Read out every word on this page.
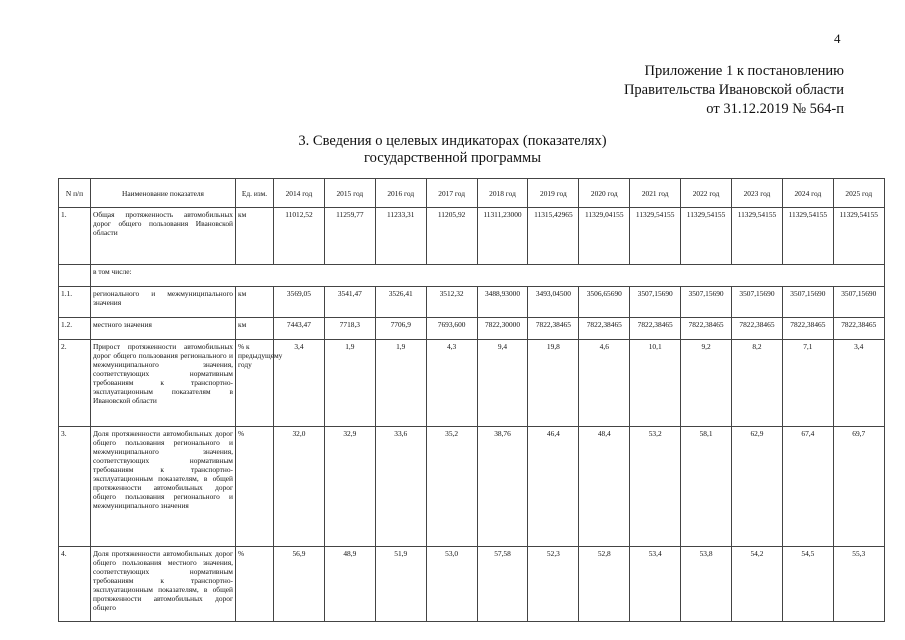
4
Приложение 1 к постановлению
Правительства Ивановской области
от 31.12.2019 № 564-п
3. Сведения о целевых индикаторах (показателях)
государственной программы
N п/п	Наименование показателя	Ед. изм.	2014 год	2015 год	2016 год	2017 год	2018 год	2019 год	2020 год	2021 год	2022 год	2023 год	2024 год	2025 год
1.	Общая протяженность автомобильных дорог общего пользования Ивановской области	км	11012,52	11259,77	11233,31	11205,92	11311,23000	11315,42965	11329,04155	11329,54155	11329,54155	11329,54155	11329,54155	11329,54155
	в том числе:													
1.1.	регионального и межмуниципального значения	км	3569,05	3541,47	3526,41	3512,32	3488,93000	3493,04500	3506,65690	3507,15690	3507,15690	3507,15690	3507,15690	3507,15690
1.2.	местного значения	км	7443,47	7718,3	7706,9	7693,600	7822,30000	7822,38465	7822,38465	7822,38465	7822,38465	7822,38465	7822,38465	7822,38465
2.	Прирост протяженности автомобильных дорог общего пользования регионального и межмуниципального значения, соответствующих нормативным требованиям к транспортно-эксплуатационным показателям в Ивановской области	% к предыдущему году	3,4	1,9	1,9	4,3	9,4	19,8	4,6	10,1	9,2	8,2	7,1	3,4
3.	Доля протяженности автомобильных дорог общего пользования регионального и межмуниципального значения, соответствующих нормативным требованиям к транспортно-эксплуатационным показателям, в общей протяженности автомобильных дорог общего пользования регионального и межмуниципального значения	%	32,0	32,9	33,6	35,2	38,76	46,4	48,4	53,2	58,1	62,9	67,4	69,7
4.	Доля протяженности автомобильных дорог общего пользования местного значения, соответствующих нормативным требованиям к транспортно-эксплуатационным показателям, в общей протяженности автомобильных дорог общего	%	56,9	48,9	51,9	53,0	57,58	52,3	52,8	53,4	53,8	54,2	54,5	55,3
